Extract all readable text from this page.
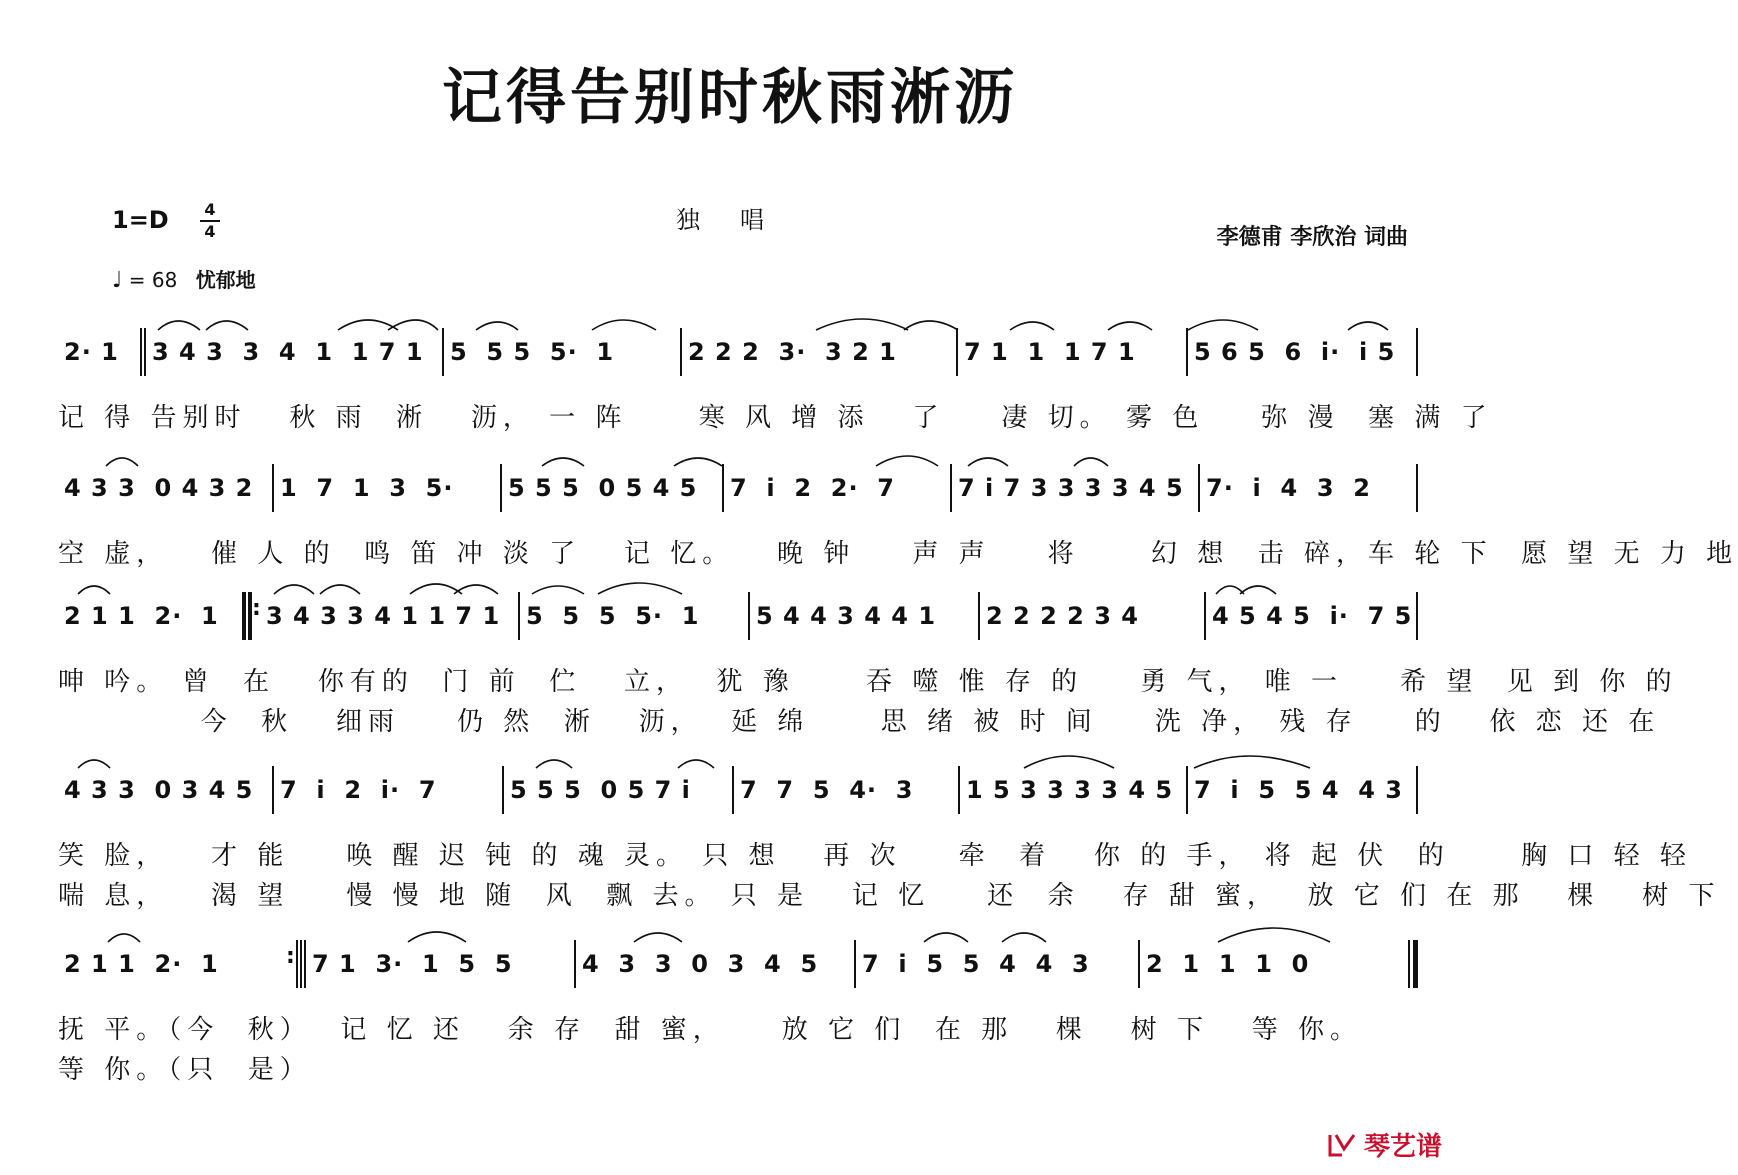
记得告别时秋雨淅沥
1=D 4
4
♩ = 68 忧郁地
独唱
李德甫 李欣治 词曲
2· 1	3 4 3  3  4  1  1 7 1	5  5 5  5·  1	2 2 2  3·  3 2 1	7 1  1  1 7 1	5 6 5  6  i·  i 5
记 得 告别时   秋 雨  淅   沥， 一 阵     寒 风 增 添   了    凄 切。 雾 色    弥 漫  塞 满 了
4 3 3  0 4 3 2	1  7  1  3  5·	5 5 5  0 5 4 5	7  i  2  2·  7	7 i 7 3 3 3 3 4 5 7·  i  4  3  2
空 虚，   催 人 的  鸣 笛 冲 淡 了   记 忆。   晚 钟    声 声    将     幻 想  击 碎，车 轮 下  愿 望 无 力 地
2 1 1  2·  1 :	3 4 3 3 4 1 1 7 1	5  5  5  5·  1	5 4 4 3 4 4 1	2 2 2 2 3 4	4 5 4 5  i·  7 5
呻 吟。 曾  在   你有的  门 前  伫   立，  犹 豫     吞 噬 惟 存 的    勇 气， 唯 一    希 望  见 到 你 的
今  秋   细雨    仍 然  淅   沥，  延 绵     思 绪 被 时 间    洗 净， 残 存    的   依 恋 还 在
4 3 3  0 3 4 5	7  i  2  i·  7	5 5 5  0 5 7 i	7  7  5  4·  3	1 5 3 3 3 3 4 5 7  i  5  5 4  4 3
笑 脸，   才 能    唤 醒 迟 钝 的 魂 灵。 只 想   再 次    牵  着   你 的 手， 将 起 伏  的     胸 口 轻 轻
喘 息，   渴 望    慢 慢 地 随  风  飘 去。 只 是   记 忆    还  余   存 甜 蜜，  放 它 们 在 那   棵   树 下
2 1 1  2·  1 :	7 1  3·  1  5  5	4  3  3  0  3  4  5	7  i  5  5  4  4  3	2  1  1  1  0
抚 平。（今  秋）  记 忆 还   余 存  甜 蜜，    放 它 们  在 那   棵   树 下   等 你。
等 你。（只  是）
琴艺谱
